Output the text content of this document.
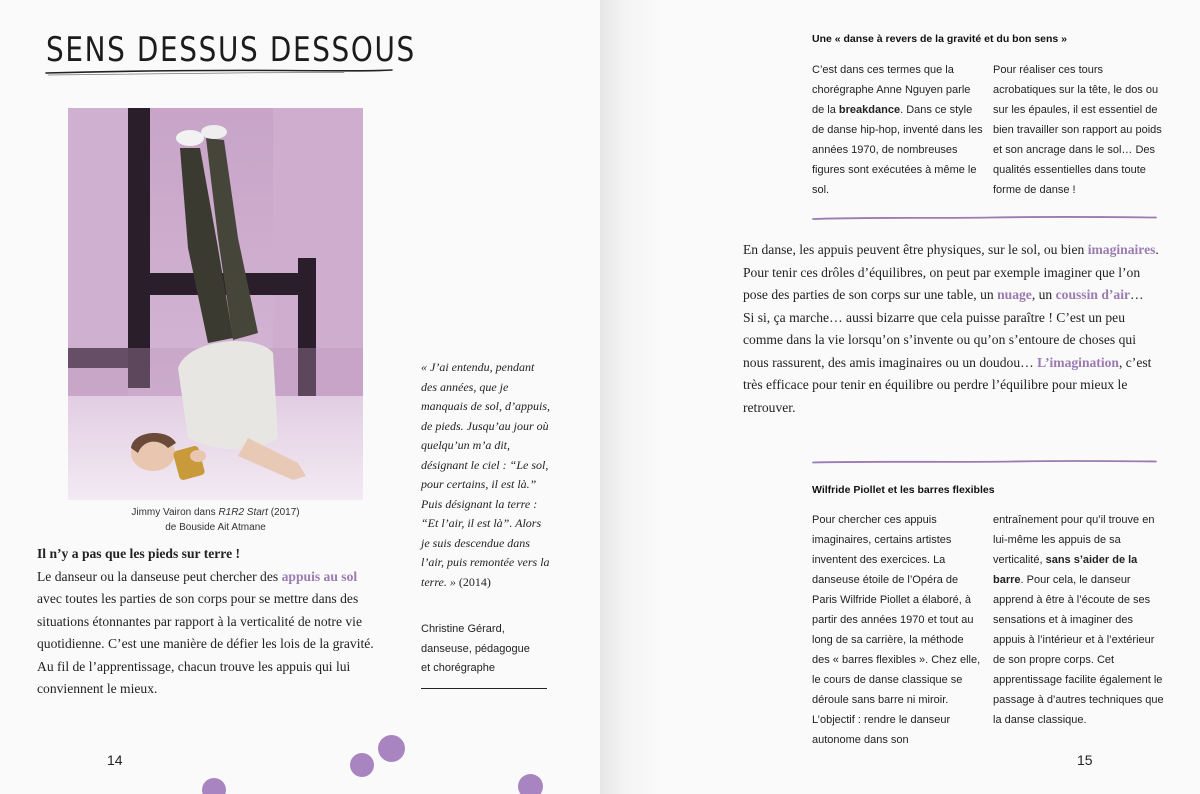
SENS DESSUS DESSOUS
Jimmy Vairon dans R1R2 Start (2017)
de Bouside Ait Atmane
Il n’y a pas que les pieds sur terre !
Le danseur ou la danseuse peut chercher des appuis au sol avec toutes les parties de son corps pour se mettre dans des situations étonnantes par rapport à la verticalité de notre vie quotidienne. C’est une manière de défier les lois de la gravité. Au fil de l’apprentissage, chacun trouve les appuis qui lui conviennent le mieux.
« J’ai entendu, pendant des années, que je manquais de sol, d’appuis, de pieds. Jusqu’au jour où quelqu’un m’a dit, désignant le ciel : “Le sol, pour certains, il est là.” Puis désignant la terre : “Et l’air, il est là”. Alors je suis descendue dans l’air, puis remontée vers la terre. » (2014)
Christine Gérard,
danseuse, pédagogue
et chorégraphe
14
Une « danse à revers de la gravité et du bon sens »
C’est dans ces termes que la chorégraphe Anne Nguyen parle de la breakdance. Dans ce style de danse hip-hop, inventé dans les années 1970, de nombreuses figures sont exécutées à même le sol.
Pour réaliser ces tours acrobatiques sur la tête, le dos ou sur les épaules, il est essentiel de bien travailler son rapport au poids et son ancrage dans le sol… Des qualités essentielles dans toute forme de danse !
En danse, les appuis peuvent être physiques, sur le sol, ou bien imaginaires. Pour tenir ces drôles d’équilibres, on peut par exemple imaginer que l’on pose des parties de son corps sur une table, un nuage, un coussin d’air…
Si si, ça marche… aussi bizarre que cela puisse paraître ! C’est un peu comme dans la vie lorsqu’on s’invente ou qu’on s’entoure de choses qui nous rassurent, des amis imaginaires ou un doudou… L’imagination, c’est très efficace pour tenir en équilibre ou perdre l’équilibre pour mieux le retrouver.
Wilfride Piollet et les barres flexibles
Pour chercher ces appuis imaginaires, certains artistes inventent des exercices. La danseuse étoile de l’Opéra de Paris Wilfride Piollet a élaboré, à partir des années 1970 et tout au long de sa carrière, la méthode des « barres flexibles ». Chez elle, le cours de danse classique se déroule sans barre ni miroir. L’objectif : rendre le danseur autonome dans son
entraînement pour qu’il trouve en lui-même les appuis de sa verticalité, sans s’aider de la barre. Pour cela, le danseur apprend à être à l’écoute de ses sensations et à imaginer des appuis à l’intérieur et à l’extérieur de son propre corps. Cet apprentissage facilite également le passage à d’autres techniques que la danse classique.
15
